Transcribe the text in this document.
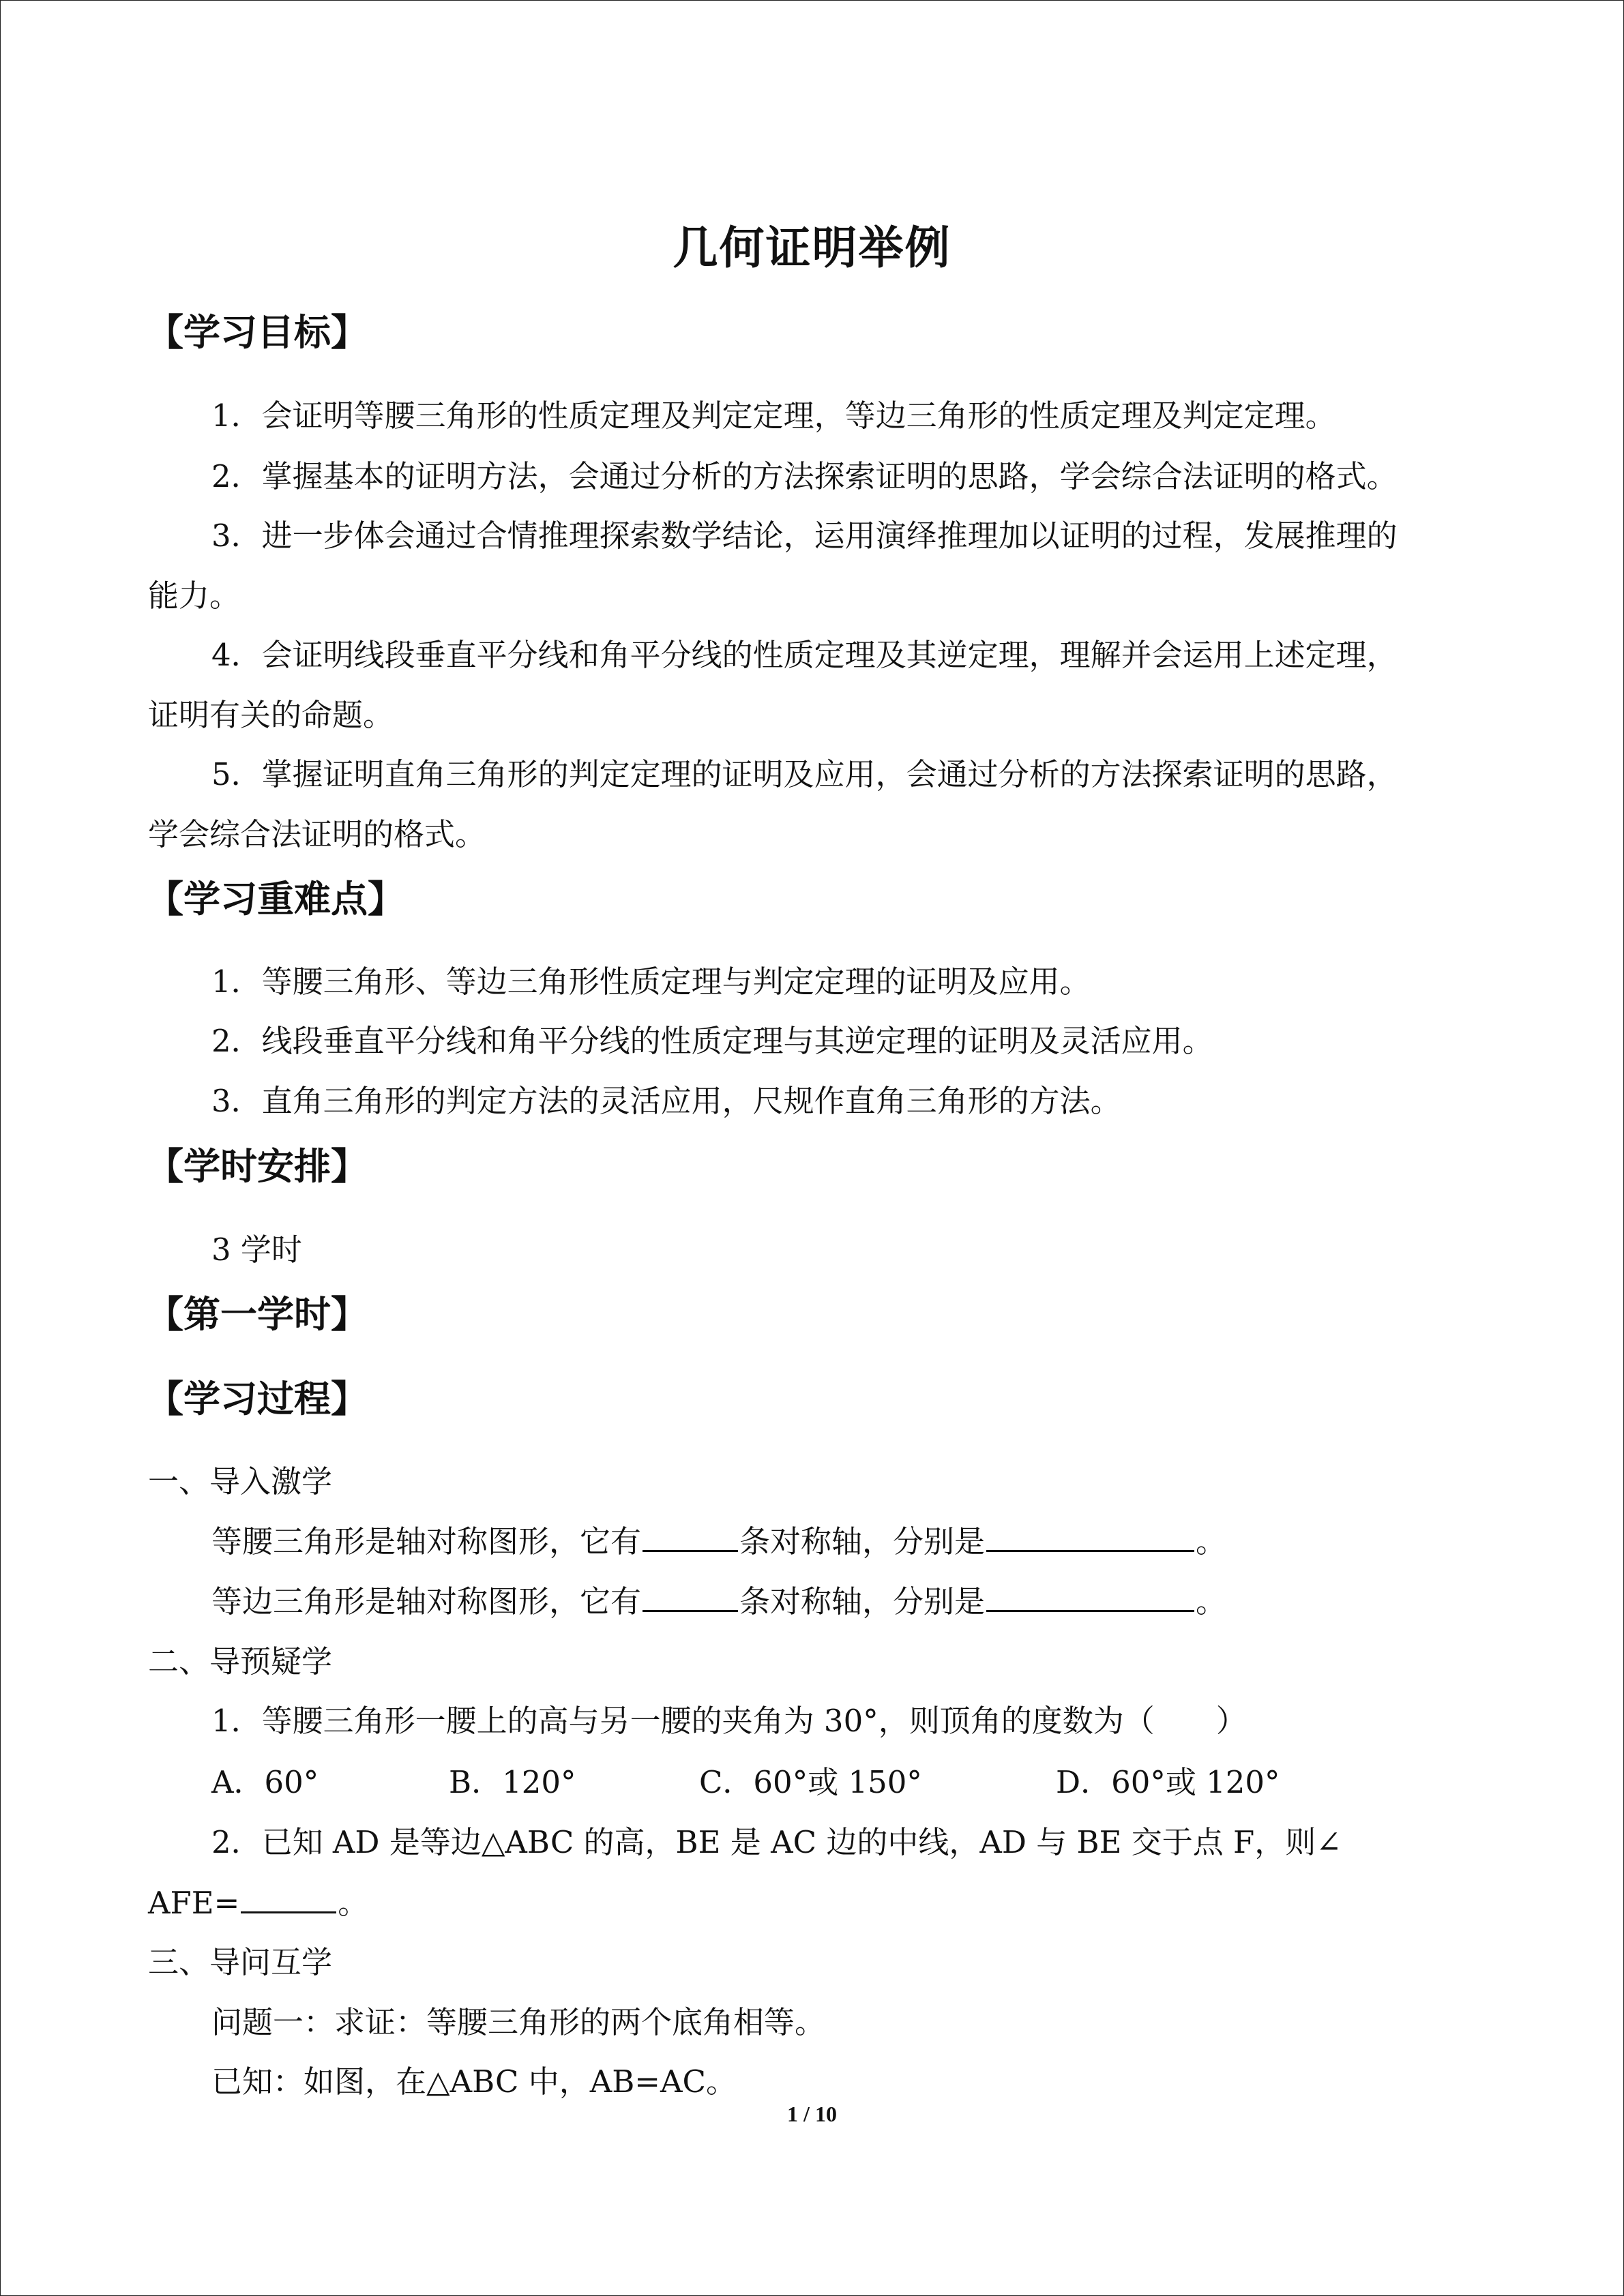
几何证明举例
【学习目标】
1．会证明等腰三角形的性质定理及判定定理，等边三角形的性质定理及判定定理。
2．掌握基本的证明方法，会通过分析的方法探索证明的思路，学会综合法证明的格式。
3．进一步体会通过合情推理探索数学结论，运用演绎推理加以证明的过程，发展推理的
能力。
4．会证明线段垂直平分线和角平分线的性质定理及其逆定理，理解并会运用上述定理，
证明有关的命题。
5．掌握证明直角三角形的判定定理的证明及应用，会通过分析的方法探索证明的思路，
学会综合法证明的格式。
【学习重难点】
1．等腰三角形、等边三角形性质定理与判定定理的证明及应用。
2．线段垂直平分线和角平分线的性质定理与其逆定理的证明及灵活应用。
3．直角三角形的判定方法的灵活应用，尺规作直角三角形的方法。
【学时安排】
3 学时
【第一学时】
【学习过程】
一、导入激学
等腰三角形是轴对称图形，它有	条对称轴，分别是	。
等边三角形是轴对称图形，它有	条对称轴，分别是	。
二、导预疑学
1．等腰三角形一腰上的高与另一腰的夹角为 30°，则顶角的度数为（　　）
A．60°	B．120°	C．60°或 150°	D．60°或 120°
2．已知 AD 是等边△ABC 的高，BE 是 AC 边的中线，AD 与 BE 交于点 F，则∠
AFE=	。
三、导问互学
问题一：求证：等腰三角形的两个底角相等。
已知：如图，在△ABC 中，AB=AC。
1 / 10
